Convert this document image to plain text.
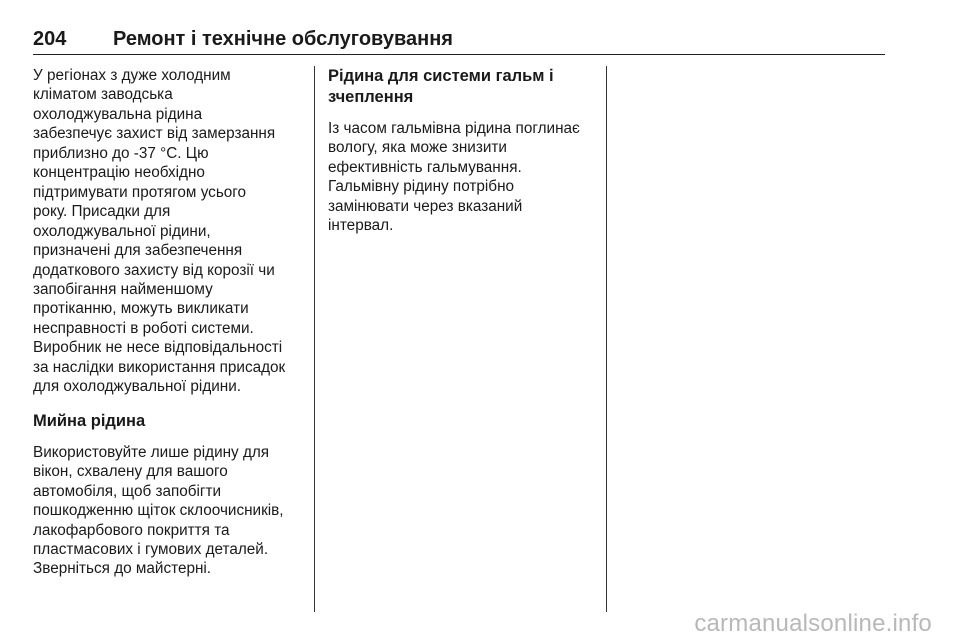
204 Ремонт і технічне обслуговування
У регіонах з дуже холодним
кліматом заводська
охолоджувальна рідина
забезпечує захист від замерзання
приблизно до -37 °C. Цю
концентрацію необхідно
підтримувати протягом усього
року. Присадки для
охолоджувальної рідини,
призначені для забезпечення
додаткового захисту від корозії чи
запобігання найменшому
протіканню, можуть викликати
несправності в роботі системи.
Виробник не несе відповідальності
за наслідки використання присадок
для охолоджувальної рідини.
Мийна рідина
Використовуйте лише рідину для
вікон, схвалену для вашого
автомобіля, щоб запобігти
пошкодженню щіток склоочисників,
лакофарбового покриття та
пластмасових і гумових деталей.
Зверніться до майстерні.
Рідина для системи гальм і
зчеплення
Із часом гальмівна рідина поглинає
вологу, яка може знизити
ефективність гальмування.
Гальмівну рідину потрібно
замінювати через вказаний
інтервал.
carmanualsonline.info
